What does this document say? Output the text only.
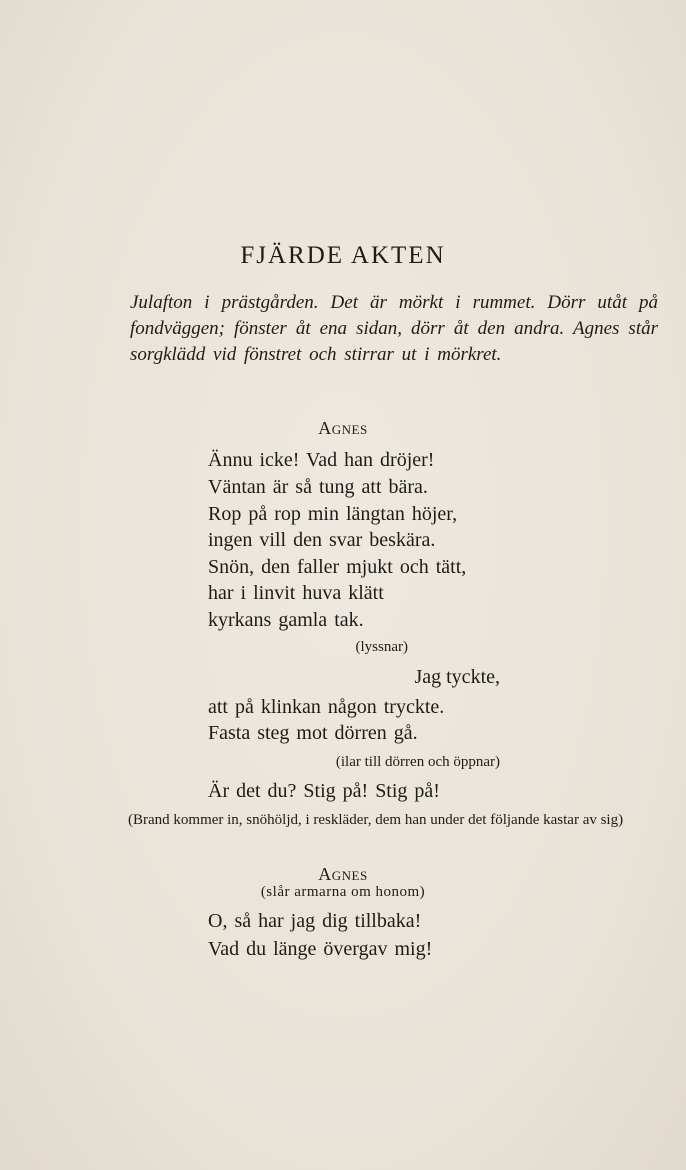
FJÄRDE AKTEN
Julafton i prästgården. Det är mörkt i rummet. Dörr utåt på fondväggen; fönster åt ena sidan, dörr åt den andra. Agnes står sorgklädd vid fönstret och stirrar ut i mörkret.
Agnes
Ännu icke! Vad han dröjer!
Väntan är så tung att bära.
Rop på rop min längtan höjer,
ingen vill den svar beskära.
Snön, den faller mjukt och tätt,
har i linvit huva klätt
kyrkans gamla tak.
(lyssnar)
Jag tyckte,
att på klinkan någon tryckte.
Fasta steg mot dörren gå.
(ilar till dörren och öppnar)
Är det du? Stig på! Stig på!
(Brand kommer in, snöhöljd, i reskläder, dem han under det följande kastar av sig)
Agnes
(slår armarna om honom)
O, så har jag dig tillbaka!
Vad du länge övergav mig!
